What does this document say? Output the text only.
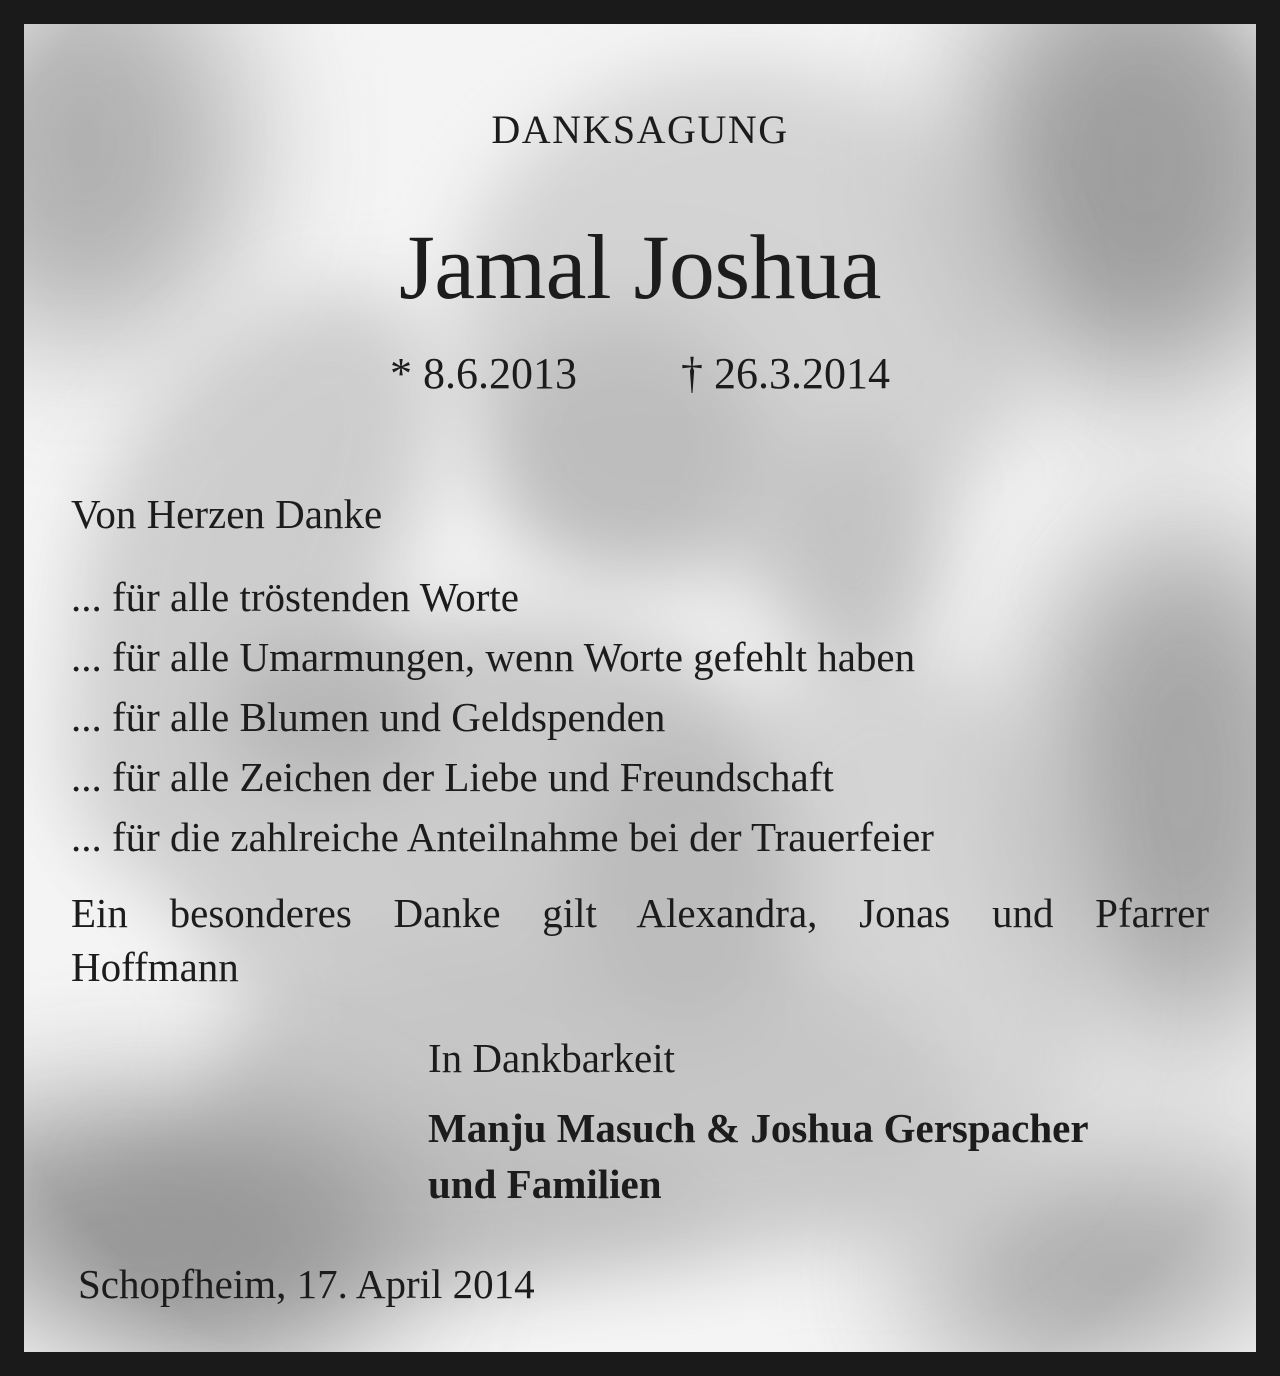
DANKSAGUNG

Jamal Joshua

* 8.6.2013 † 26.3.2014

Von Herzen Danke

... für alle tröstenden Worte
... für alle Umarmungen, wenn Worte gefehlt haben
... für alle Blumen und Geldspenden
... für alle Zeichen der Liebe und Freundschaft
... für die zahlreiche Anteilnahme bei der Trauerfeier

Ein besonderes Danke gilt Alexandra, Jonas und Pfarrer Hoffmann

In Dankbarkeit

Manju Masuch & Joshua Gerspacher
und Familien

Schopfheim, 17. April 2014
